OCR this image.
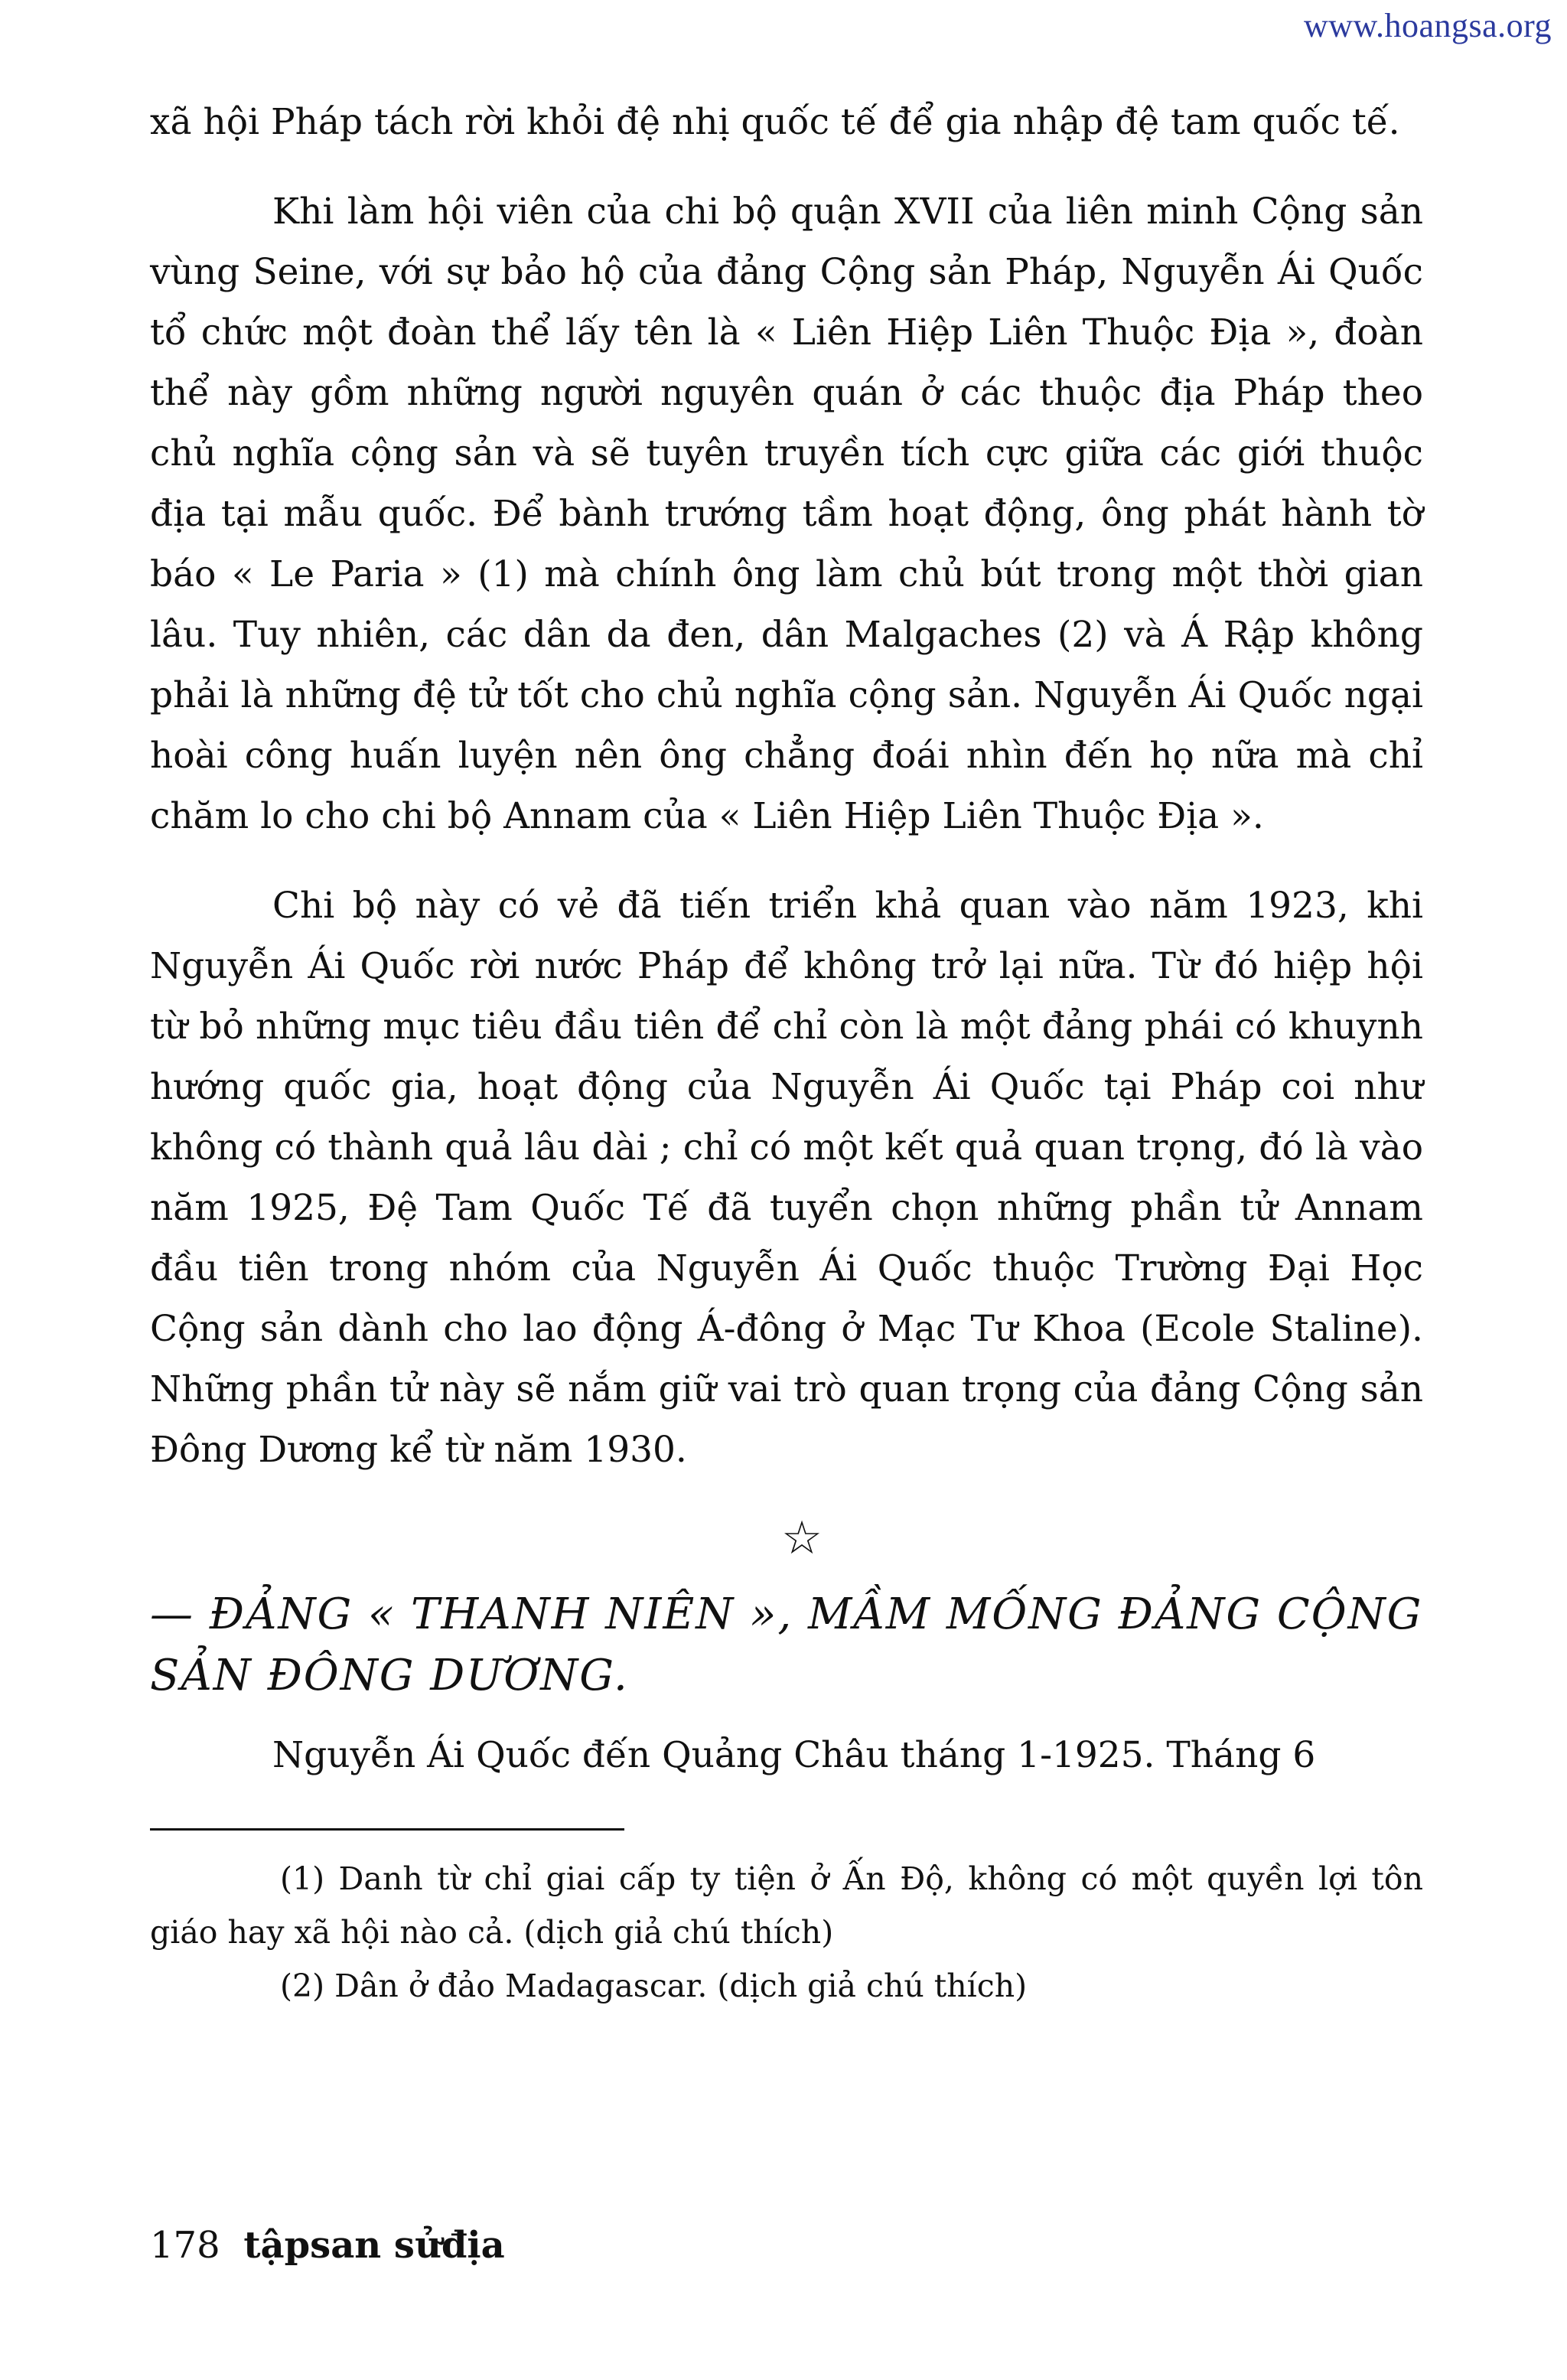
www.hoangsa.org

xã hội Pháp tách rời khỏi đệ nhị quốc tế để gia nhập đệ tam quốc tế.

Khi làm hội viên của chi bộ quận XVII của liên minh Cộng sản vùng Seine, với sự bảo hộ của đảng Cộng sản Pháp, Nguyễn Ái Quốc tổ chức một đoàn thể lấy tên là « Liên Hiệp Liên Thuộc Địa », đoàn thể này gồm những người nguyên quán ở các thuộc địa Pháp theo chủ nghĩa cộng sản và sẽ tuyên truyền tích cực giữa các giới thuộc địa tại mẫu quốc. Để bành trướng tầm hoạt động, ông phát hành tờ báo « Le Paria » (1) mà chính ông làm chủ bút trong một thời gian lâu. Tuy nhiên, các dân da đen, dân Malgaches (2) và Á Rập không phải là những đệ tử tốt cho chủ nghĩa cộng sản. Nguyễn Ái Quốc ngại hoài công huấn luyện nên ông chẳng đoái nhìn đến họ nữa mà chỉ chăm lo cho chi bộ Annam của « Liên Hiệp Liên Thuộc Địa ».

Chi bộ này có vẻ đã tiến triển khả quan vào năm 1923, khi Nguyễn Ái Quốc rời nước Pháp để không trở lại nữa. Từ đó hiệp hội từ bỏ những mục tiêu đầu tiên để chỉ còn là một đảng phái có khuynh hướng quốc gia, hoạt động của Nguyễn Ái Quốc tại Pháp coi như không có thành quả lâu dài ; chỉ có một kết quả quan trọng, đó là vào năm 1925, Đệ Tam Quốc Tế đã tuyển chọn những phần tử Annam đầu tiên trong nhóm của Nguyễn Ái Quốc thuộc Trường Đại Học Cộng sản dành cho lao động Á-đông ở Mạc Tư Khoa (Ecole Staline). Những phần tử này sẽ nắm giữ vai trò quan trọng của đảng Cộng sản Đông Dương kể từ năm 1930.

☆
— ĐẢNG « THANH NIÊN », MẦM MỐNG ĐẢNG CỘNG SẢN ĐÔNG DƯƠNG.

Nguyễn Ái Quốc đến Quảng Châu tháng 1-1925. Tháng 6

(1) Danh từ chỉ giai cấp ty tiện ở Ấn Độ, không có một quyền lợi tôn giáo hay xã hội nào cả. (dịch giả chú thích)

(2) Dân ở đảo Madagascar. (dịch giả chú thích)

178 tậpsan sửđịa
